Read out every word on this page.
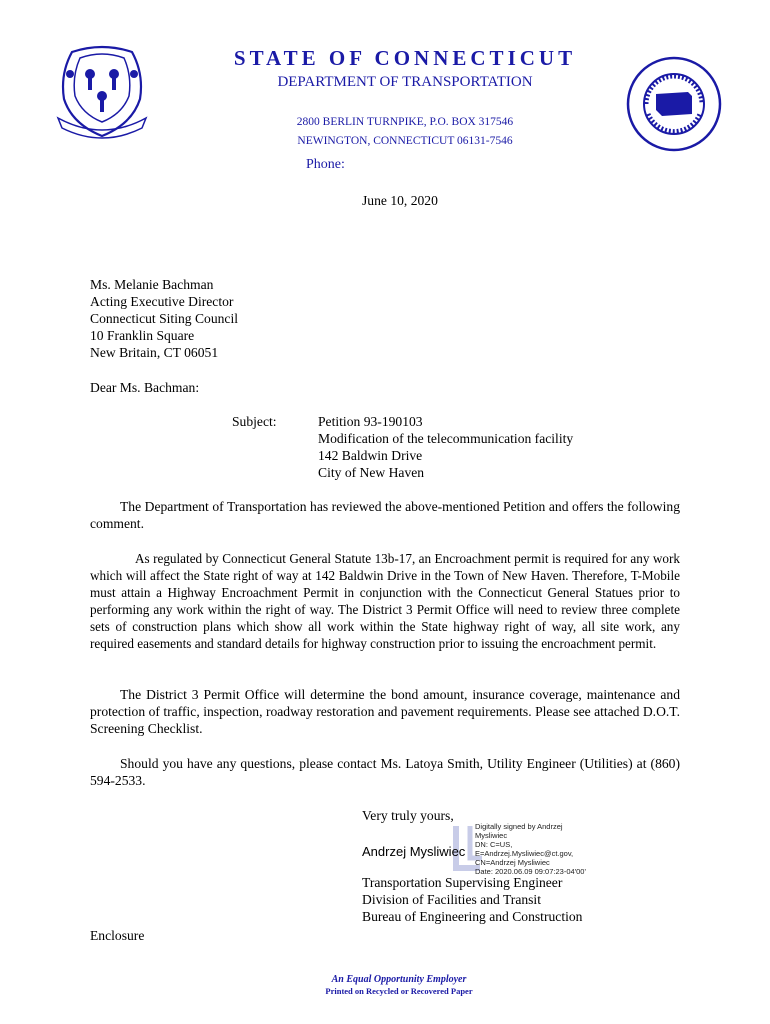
STATE OF CONNECTICUT
DEPARTMENT OF TRANSPORTATION
2800 BERLIN TURNPIKE, P.O. BOX 317546
NEWINGTON, CONNECTICUT 06131-7546
Phone:
June 10, 2020
Ms. Melanie Bachman
Acting Executive Director
Connecticut Siting Council
10 Franklin Square
New Britain, CT 06051
Dear Ms. Bachman:
Subject:	Petition 93-190103
Modification of the telecommunication facility
142 Baldwin Drive
City of New Haven
The Department of Transportation has reviewed the above-mentioned Petition and offers the following comment.
As regulated by Connecticut General Statute 13b-17, an Encroachment permit is required for any work which will affect the State right of way at 142 Baldwin Drive in the Town of New Haven. Therefore, T-Mobile must attain a Highway Encroachment Permit in conjunction with the Connecticut General Statues prior to performing any work within the right of way. The District 3 Permit Office will need to review three complete sets of construction plans which show all work within the State highway right of way, all site work, any required easements and standard details for highway construction prior to issuing the encroachment permit.
The District 3 Permit Office will determine the bond amount, insurance coverage, maintenance and protection of traffic, inspection, roadway restoration and pavement requirements. Please see attached D.O.T. Screening Checklist.
Should you have any questions, please contact Ms. Latoya Smith, Utility Engineer (Utilities) at (860) 594-2533.
Very truly yours,
Andrzej Mysliwiec
Digitally signed by Andrzej
Mysliwiec
DN: C=US,
E=Andrzej.Mysliwiec@ct.gov,
CN=Andrzej Mysliwiec
Date: 2020.06.09 09:07:23-04'00'
Transportation Supervising Engineer
Division of Facilities and Transit
Bureau of Engineering and Construction
Enclosure
An Equal Opportunity Employer
Printed on Recycled or Recovered Paper
